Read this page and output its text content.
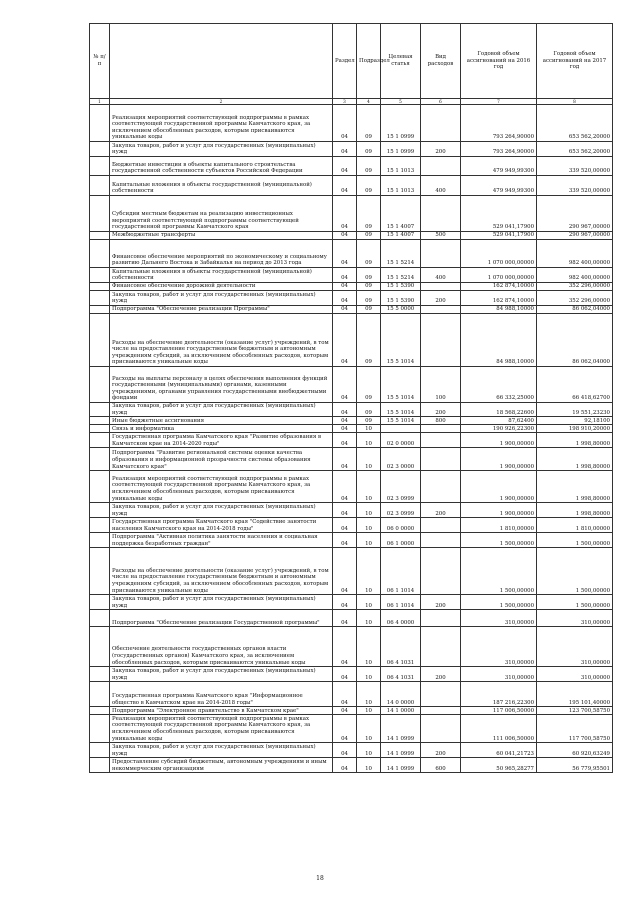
№ п/п		Раздел	Подраздел	Целевая статья	Вид расходов	Годовой объем ассигнований на 2016 год	Годовой объем ассигнований на 2017 год
1	2	3	4	5	6	7	8
	Реализация мероприятий соответствующей подпрограммы в рамках соответствующей государственной программы Камчатского края, за исключением обособленных расходов, которым присваиваются уникальные коды	04	09	15 1 0999		793 264,90000	653 562,20000
	Закупка товаров, работ и услуг для государственных (муниципальных) нужд	04	09	15 1 0999	200	793 264,90000	653 562,20000
	Бюджетные инвестиции в объекты капитального строительства государственной собственности субъектов Российской Федерации	04	09	15 1 1013		479 949,99300	339 520,00000
	Капитальные вложения в объекты государственной (муниципальной) собственности	04	09	15 1 1013	400	479 949,99300	339 520,00000
	Субсидии местным бюджетам на реализацию инвестиционных мероприятий соответствующей подпрограммы соответствующей государственной программы Камчатского края	04	09	15 1 4007		529 041,17900	290 967,00000
	Межбюджетные трансферты	04	09	15 1 4007	500	529 041,17900	290 967,00000
	Финансовое обеспечение мероприятий по экономическому и социальному развитию Дальнего Востока и Забайкалья на период до 2013 года	04	09	15 1 5214		1 070 000,00000	982 400,00000
	Капитальные вложения в объекты государственной (муниципальной) собственности	04	09	15 1 5214	400	1 070 000,00000	982 400,00000
	Финансовое обеспечение дорожной деятельности	04	09	15 1 5390		162 874,10000	352 296,00000
	Закупка товаров, работ и услуг для государственных (муниципальных) нужд	04	09	15 1 5390	200	162 874,10000	352 296,00000
	Подпрограмма "Обеспечение реализации Программы"	04	09	15 5 0000		84 988,10000	86 062,04000
	Расходы на обеспечение деятельности (оказание услуг) учреждений, в том числе на предоставление государственным бюджетным и автономным учреждениям субсидий, за исключением обособленных расходов, которым присваиваются уникальные коды	04	09	15 5 1014		84 988,10000	86 062,04000
	Расходы на выплаты персоналу в целях обеспечения выполнения функций государственными (муниципальными) органами, казенными учреждениями, органами управления государственными внебюджетными фондами	04	09	15 5 1014	100	66 332,25000	66 418,62700
	Закупка товаров, работ и услуг для государственных (муниципальных) нужд	04	09	15 5 1014	200	18 568,22600	19 551,23230
	Иные бюджетные ассигнования	04	09	15 5 1014	800	87,62400	92,18100
	Связь и информатика	04	10			190 926,22300	198 910,20000
	Государственная программа Камчатского края "Развитие образования в Камчатском крае на 2014-2020 годы"	04	10	02 0 0000		1 900,00000	1 998,80000
	Подпрограмма "Развитие региональной системы оценки качества образования и информационной прозрачности системы образования Камчатского края"	04	10	02 3 0000		1 900,00000	1 998,80000
	Реализация мероприятий соответствующей подпрограммы в рамках соответствующей государственной программы Камчатского края, за исключением обособленных расходов, которым присваиваются уникальные коды	04	10	02 3 0999		1 900,00000	1 998,80000
	Закупка товаров, работ и услуг для государственных (муниципальных) нужд	04	10	02 3 0999	200	1 900,00000	1 998,80000
	Государственная программа Камчатского края "Содействие занятости населения Камчатского края на 2014-2018 годы"	04	10	06 0 0000		1 810,00000	1 810,00000
	Подпрограмма "Активная политика занятости населения и социальная поддержка безработных граждан"	04	10	06 1 0000		1 500,00000	1 500,00000
	Расходы на обеспечение деятельности (оказание услуг) учреждений, в том числе на предоставление государственным бюджетным и автономным учреждениям субсидий, за исключением обособленных расходов, которым присваиваются уникальные коды	04	10	06 1 1014		1 500,00000	1 500,00000
	Закупка товаров, работ и услуг для государственных (муниципальных) нужд	04	10	06 1 1014	200	1 500,00000	1 500,00000
	Подпрограмма "Обеспечение реализации Государственной программы"	04	10	06 4 0000		310,00000	310,00000
	Обеспечение деятельности государственных органов власти (государственных органов) Камчатского края, за исключением обособленных расходов, которым присваиваются уникальные коды	04	10	06 4 1031		310,00000	310,00000
	Закупка товаров, работ и услуг для государственных (муниципальных) нужд	04	10	06 4 1031	200	310,00000	310,00000
	Государственная программа Камчатского края "Информационное общество в Камчатском крае на 2014-2018 годы"	04	10	14 0 0000		187 216,22300	195 101,40000
	Подпрограмма "Электронное правительство в Камчатском крае"	04	10	14 1 0000		117 006,50000	123 700,58750
	Реализация мероприятий соответствующей подпрограммы в рамках соответствующей государственной программы Камчатского края, за исключением обособленных расходов, которым присваиваются уникальные коды	04	10	14 1 0999		111 006,50000	117 700,58750
	Закупка товаров, работ и услуг для государственных (муниципальных) нужд	04	10	14 1 0999	200	60 041,21723	60 920,63249
	Предоставление субсидий бюджетным, автономным учреждениям и иным некоммерческим организациям	04	10	14 1 0999	600	50 965,28277	56 779,95501
18
